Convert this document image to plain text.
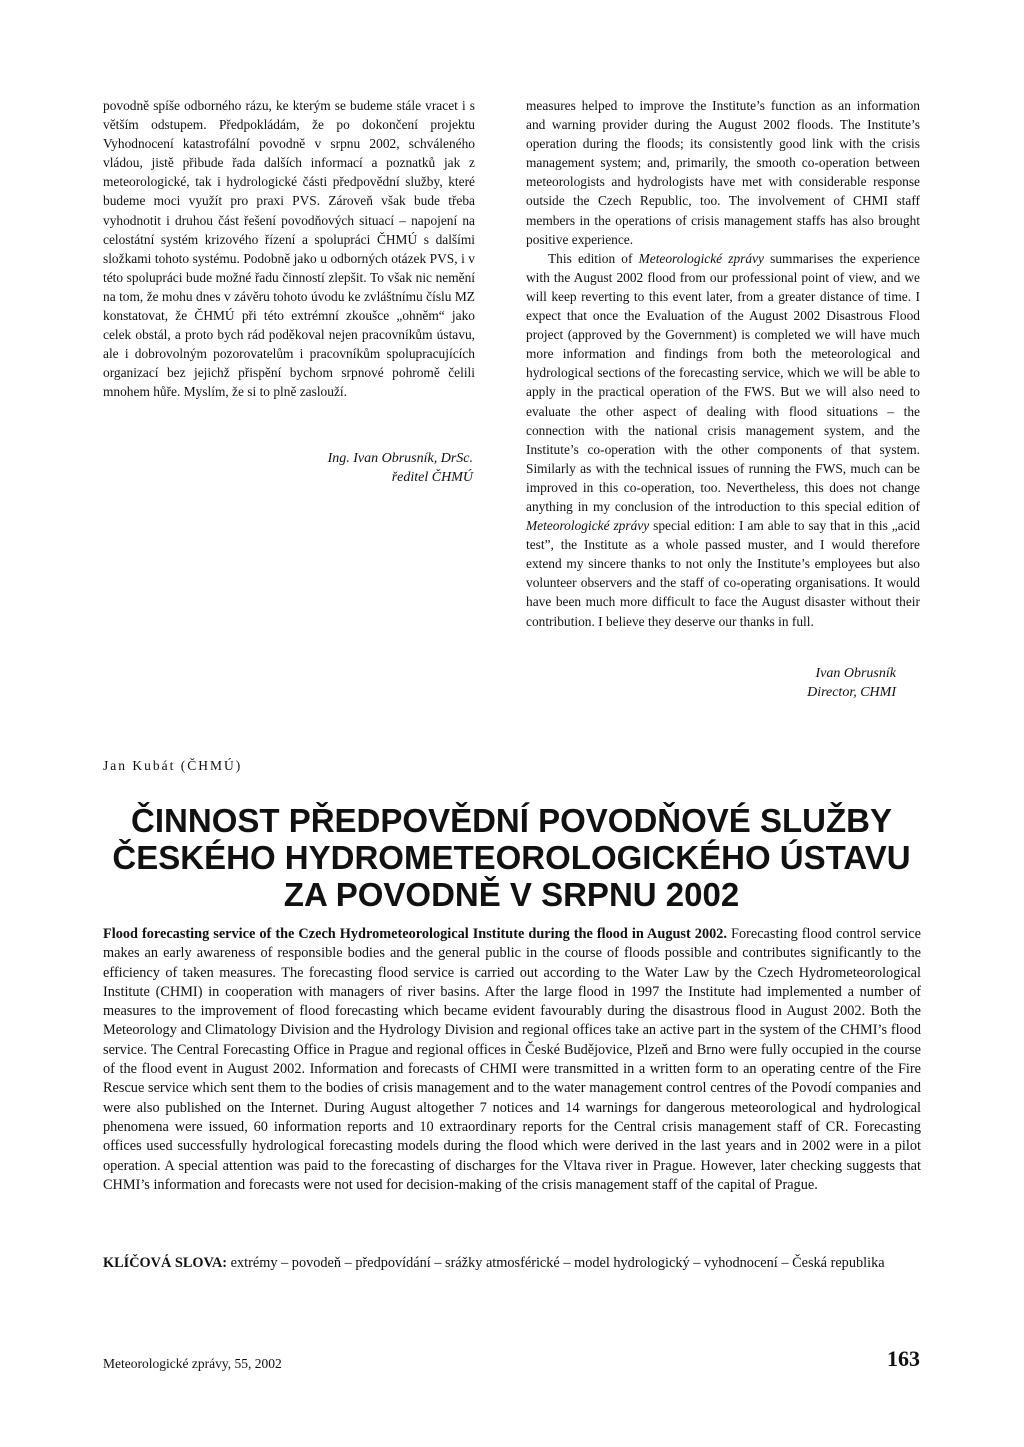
povodně spíše odborného rázu, ke kterým se budeme stále vracet i s větším odstupem. Předpokládám, že po dokončení projektu Vyhodnocení katastrofální povodně v srpnu 2002, schváleného vládou, jistě přibude řada dalších informací a poznatků jak z meteorologické, tak i hydrologické části předpovědní služby, které budeme moci využít pro praxi PVS. Zároveň však bude třeba vyhodnotit i druhou část řešení povodňových situací – napojení na celostátní systém krizového řízení a spolupráci ČHMÚ s dalšími složkami tohoto systému. Podobně jako u odborných otázek PVS, i v této spolupráci bude možné řadu činností zlepšit. To však nic nemění na tom, že mohu dnes v závěru tohoto úvodu ke zvláštnímu číslu MZ konstatovat, že ČHMÚ při této extrémní zkoušce „ohněm“ jako celek obstál, a proto bych rád poděkoval nejen pracovníkům ústavu, ale i dobrovolným pozorovatelům i pracovníkům spolupracujících organizací bez jejichž přispění bychom srpnové pohromě čelili mnohem hůře. Myslím, že si to plně zaslouží.

Ing. Ivan Obrusník, DrSc.
ředitel ČHMÚ

measures helped to improve the Institute’s function as an information and warning provider during the August 2002 floods. The Institute’s operation during the floods; its consistently good link with the crisis management system; and, primarily, the smooth co-operation between meteorologists and hydrologists have met with considerable response outside the Czech Republic, too. The involvement of CHMI staff members in the operations of crisis management staffs has also brought positive experience.

This edition of Meteorologické zprávy summarises the experience with the August 2002 flood from our professional point of view, and we will keep reverting to this event later, from a greater distance of time. I expect that once the Evaluation of the August 2002 Disastrous Flood project (approved by the Government) is completed we will have much more information and findings from both the meteorological and hydrological sections of the forecasting service, which we will be able to apply in the practical operation of the FWS. But we will also need to evaluate the other aspect of dealing with flood situations – the connection with the national crisis management system, and the Institute’s co-operation with the other components of that system. Similarly as with the technical issues of running the FWS, much can be improved in this co-operation, too. Nevertheless, this does not change anything in my conclusion of the introduction to this special edition of Meteorologické zprávy special edition: I am able to say that in this „acid test”, the Institute as a whole passed muster, and I would therefore extend my sincere thanks to not only the Institute’s employees but also volunteer observers and the staff of co-operating organisations. It would have been much more difficult to face the August disaster without their contribution. I believe they deserve our thanks in full.

Ivan Obrusník
Director, CHMI
Jan Kubát (ČHMÚ)
ČINNOST PŘEDPOVĚDNÍ POVODŇOVÉ SLUŽBY
ČESKÉHO HYDROMETEOROLOGICKÉHO ÚSTAVU
ZA POVODNĚ V SRPNU 2002

Flood forecasting service of the Czech Hydrometeorological Institute during the flood in August 2002. Forecasting flood control service makes an early awareness of responsible bodies and the general public in the course of floods possible and contributes significantly to the efficiency of taken measures. The forecasting flood service is carried out according to the Water Law by the Czech Hydrometeorological Institute (CHMI) in cooperation with managers of river basins. After the large flood in 1997 the Institute had implemented a number of measures to the improvement of flood forecasting which became evident favourably during the disastrous flood in August 2002. Both the Meteorology and Climatology Division and the Hydrology Division and regional offices take an active part in the system of the CHMI’s flood service. The Central Forecasting Office in Prague and regional offices in České Budějovice, Plzeň and Brno were fully occupied in the course of the flood event in August 2002. Information and forecasts of CHMI were transmitted in a written form to an operating centre of the Fire Rescue service which sent them to the bodies of crisis management and to the water management control centres of the Povodí companies and were also published on the Internet. During August altogether 7 notices and 14 warnings for dangerous meteorological and hydrological phenomena were issued, 60 information reports and 10 extraordinary reports for the Central crisis management staff of CR. Forecasting offices used successfully hydrological forecasting models during the flood which were derived in the last years and in 2002 were in a pilot operation. A special attention was paid to the forecasting of discharges for the Vltava river in Prague. However, later checking suggests that CHMI’s information and forecasts were not used for decision-making of the crisis management staff of the capital of Prague.

KLÍČOVÁ SLOVA: extrémy – povodeň – předpovídání – srážky atmosférické – model hydrologický – vyhodnocení – Česká republika

Meteorologické zprávy, 55, 2002	163
